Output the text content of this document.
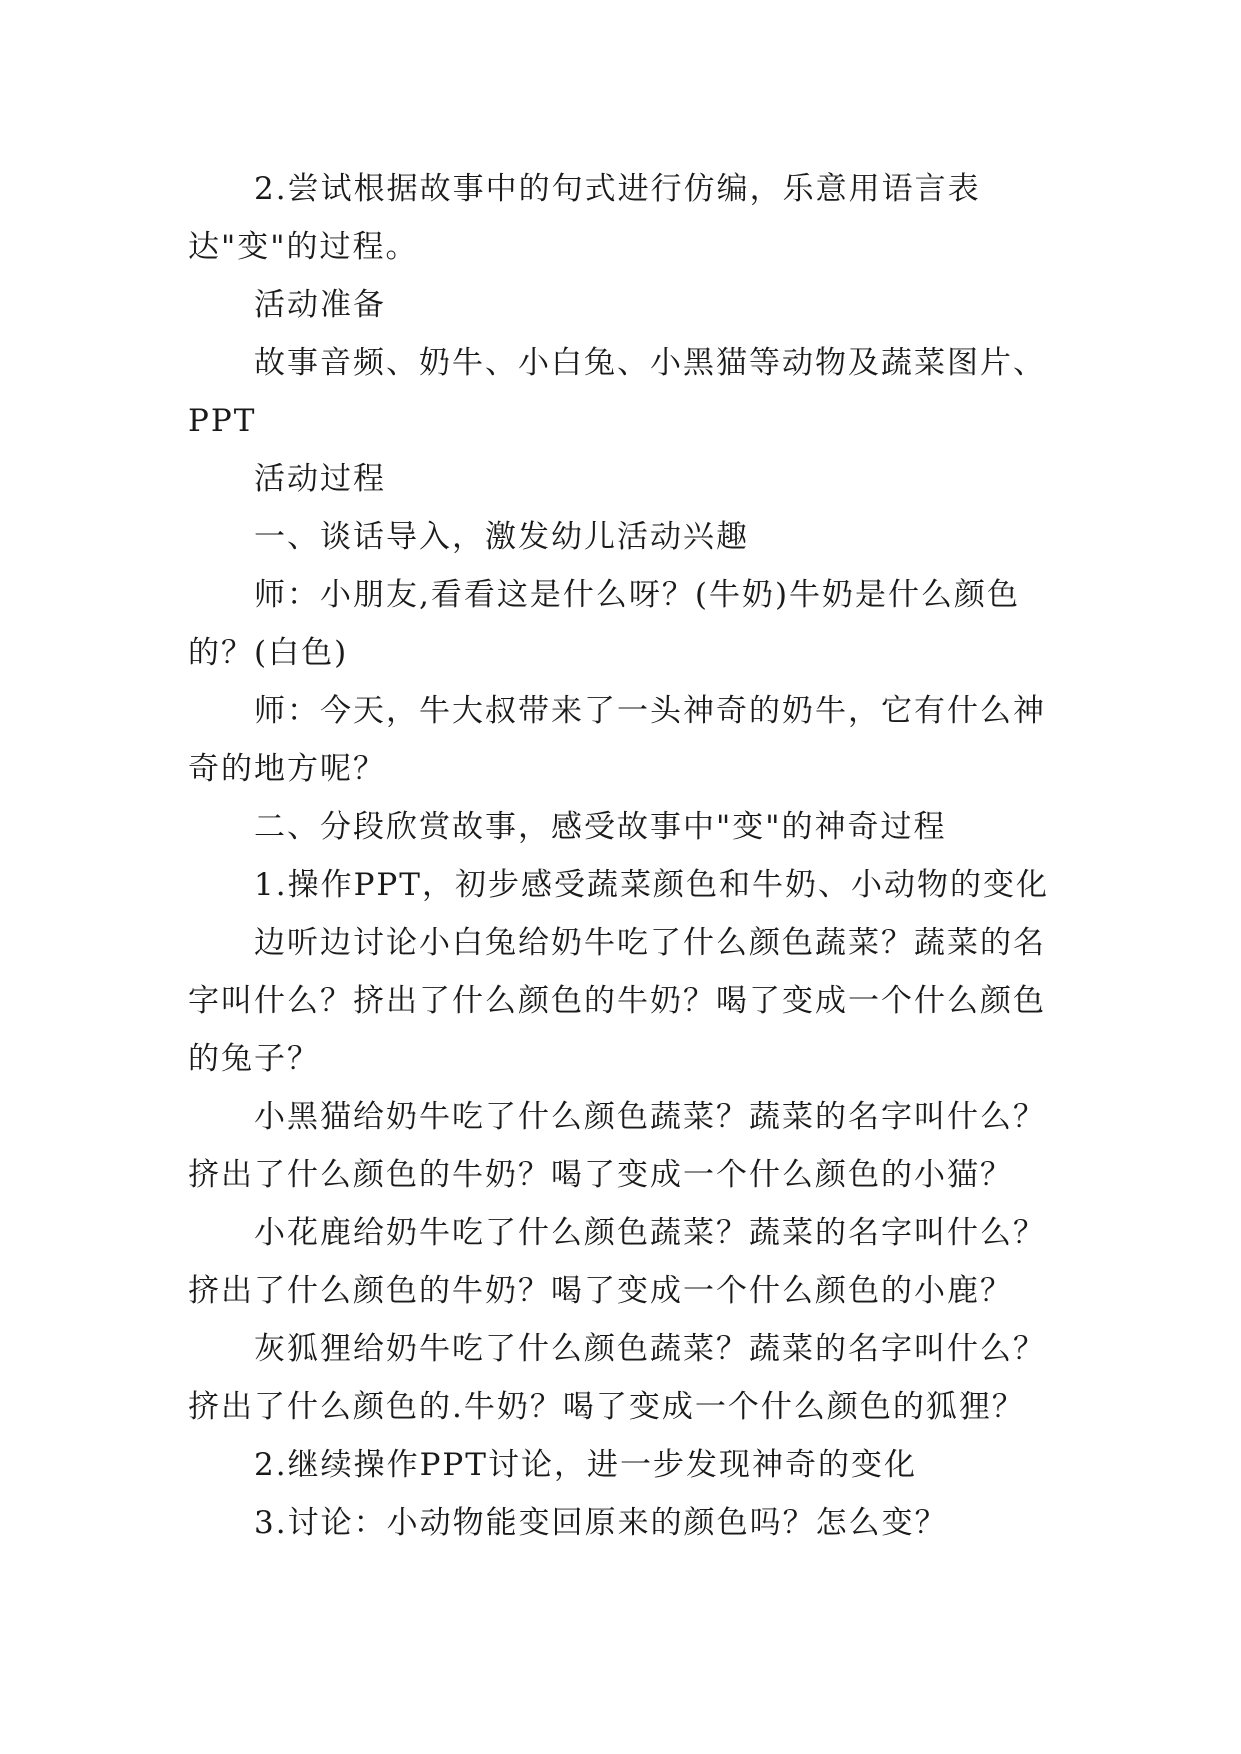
2.尝试根据故事中的句式进行仿编，乐意用语言表达"变"的过程。

活动准备

故事音频、奶牛、小白兔、小黑猫等动物及蔬菜图片、PPT

活动过程

一、谈话导入，激发幼儿活动兴趣

师：小朋友,看看这是什么呀？(牛奶)牛奶是什么颜色的？(白色)

师：今天，牛大叔带来了一头神奇的奶牛，它有什么神奇的地方呢？

二、分段欣赏故事，感受故事中"变"的神奇过程

1.操作PPT，初步感受蔬菜颜色和牛奶、小动物的变化

边听边讨论小白兔给奶牛吃了什么颜色蔬菜？蔬菜的名字叫什么？挤出了什么颜色的牛奶？喝了变成一个什么颜色的兔子？

小黑猫给奶牛吃了什么颜色蔬菜？蔬菜的名字叫什么？挤出了什么颜色的牛奶？喝了变成一个什么颜色的小猫？

小花鹿给奶牛吃了什么颜色蔬菜？蔬菜的名字叫什么？挤出了什么颜色的牛奶？喝了变成一个什么颜色的小鹿？

灰狐狸给奶牛吃了什么颜色蔬菜？蔬菜的名字叫什么？挤出了什么颜色的.牛奶？喝了变成一个什么颜色的狐狸？

2.继续操作PPT讨论，进一步发现神奇的变化

3.讨论：小动物能变回原来的颜色吗？怎么变？
